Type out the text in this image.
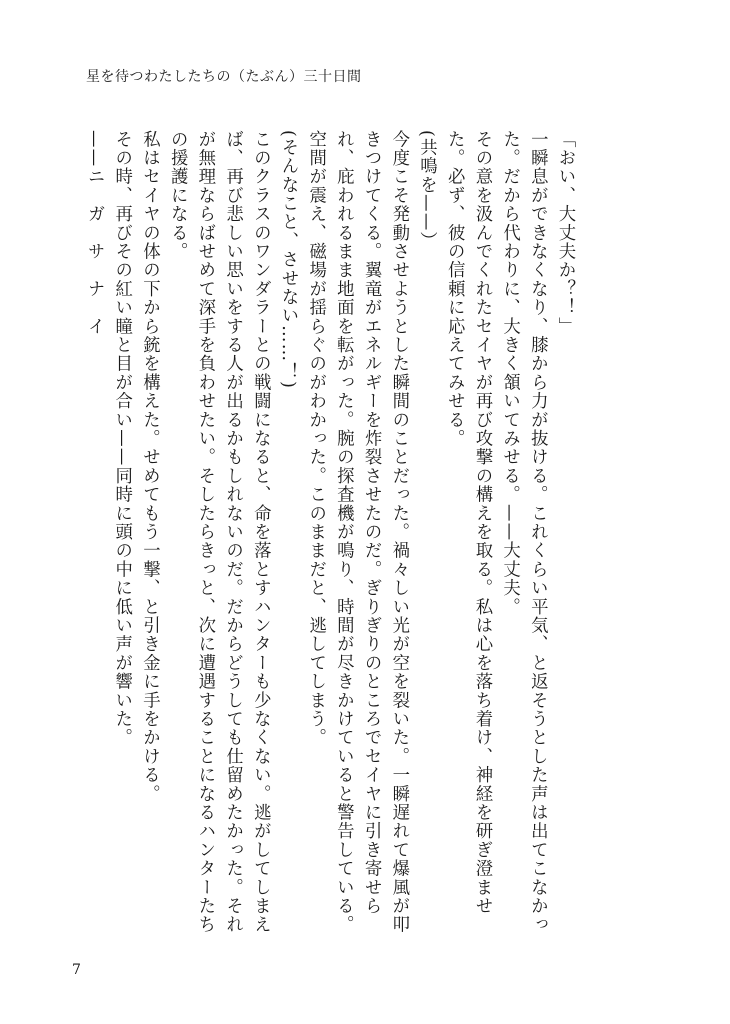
星を待つわたしたちの（たぶん）三十日間

「おい、大丈夫か？！」

一瞬息ができなくなり、膝から力が抜ける。これくらい平気、と返そうとした声は出てこなかった。だから代わりに、大きく頷いてみせる。——大丈夫。

その意を汲んでくれたセイヤが再び攻撃の構えを取る。私は心を落ち着け、神経を研ぎ澄ませた。必ず、彼の信頼に応えてみせる。

(共鳴を——）

今度こそ発動させようとした瞬間のことだった。禍々しい光が空を裂いた。一瞬遅れて爆風が叩きつけてくる。翼竜がエネルギーを炸裂させたのだ。ぎりぎりのところでセイヤに引き寄せられ、庇われるまま地面を転がった。腕の探査機が鳴り、時間が尽きかけていると警告している。空間が震え、磁場が揺らぐのがわかった。このままだと、逃してしまう。

(そんなこと、させない……！)

このクラスのワンダラーとの戦闘になると、命を落とすハンターも少なくない。逃がしてしまえば、再び悲しい思いをする人が出るかもしれないのだ。だからどうしても仕留めたかった。それが無理ならばせめて深手を負わせたい。そしたらきっと、次に遭遇することになるハンターたちの援護になる。

私はセイヤの体の下から銃を構えた。せめてもう一撃、と引き金に手をかける。

その時、再びその紅い瞳と目が合い——同時に頭の中に低い声が響いた。

——ニ　ガ　サ　ナ　イ

7
